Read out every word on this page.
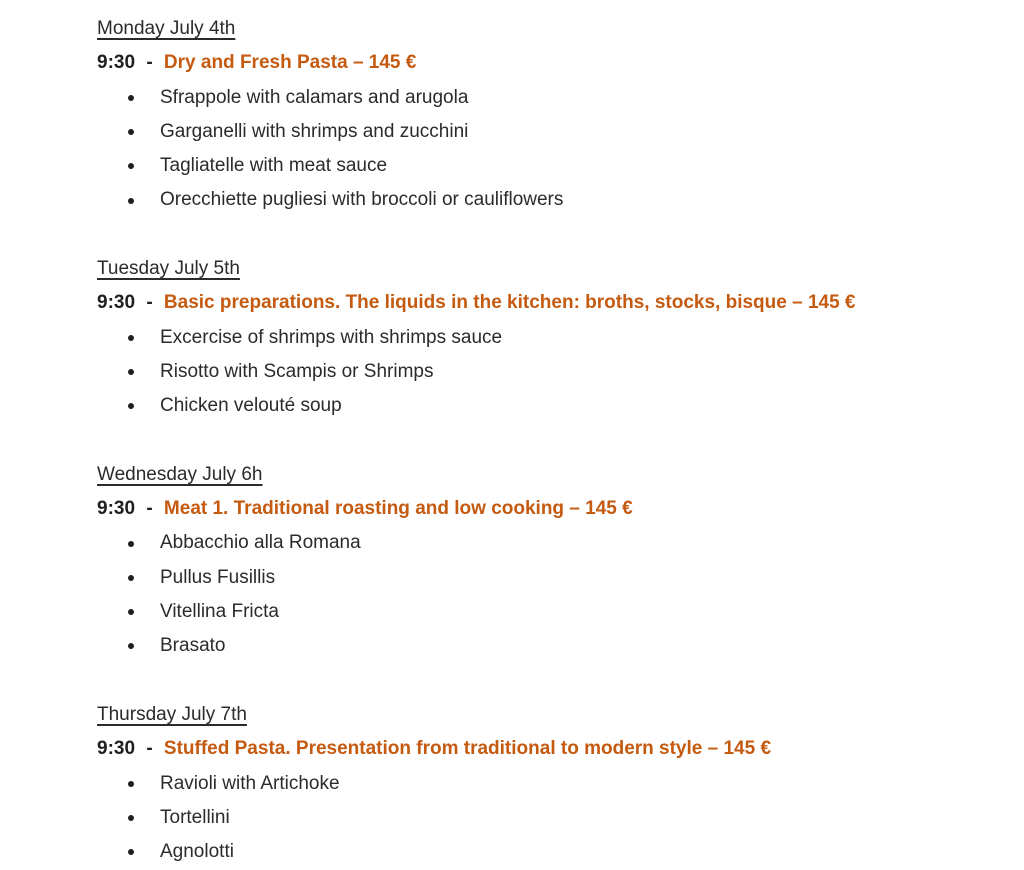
Monday July 4th

9:30 - Dry and Fresh Pasta – 145 €

Sfrappole with calamars and arugola
Garganelli with shrimps and zucchini
Tagliatelle with meat sauce
Orecchiette pugliesi with broccoli or cauliflowers
Tuesday July 5th

9:30 - Basic preparations. The liquids in the kitchen: broths, stocks, bisque – 145 €

Excercise of shrimps with shrimps sauce
Risotto with Scampis or Shrimps
Chicken velouté soup
Wednesday July 6h

9:30 - Meat 1. Traditional roasting and low cooking – 145 €

Abbacchio alla Romana
Pullus Fusillis
Vitellina Fricta
Brasato
Thursday July 7th

9:30 - Stuffed Pasta. Presentation from traditional to modern style – 145 €

Ravioli with Artichoke
Tortellini
Agnolotti
